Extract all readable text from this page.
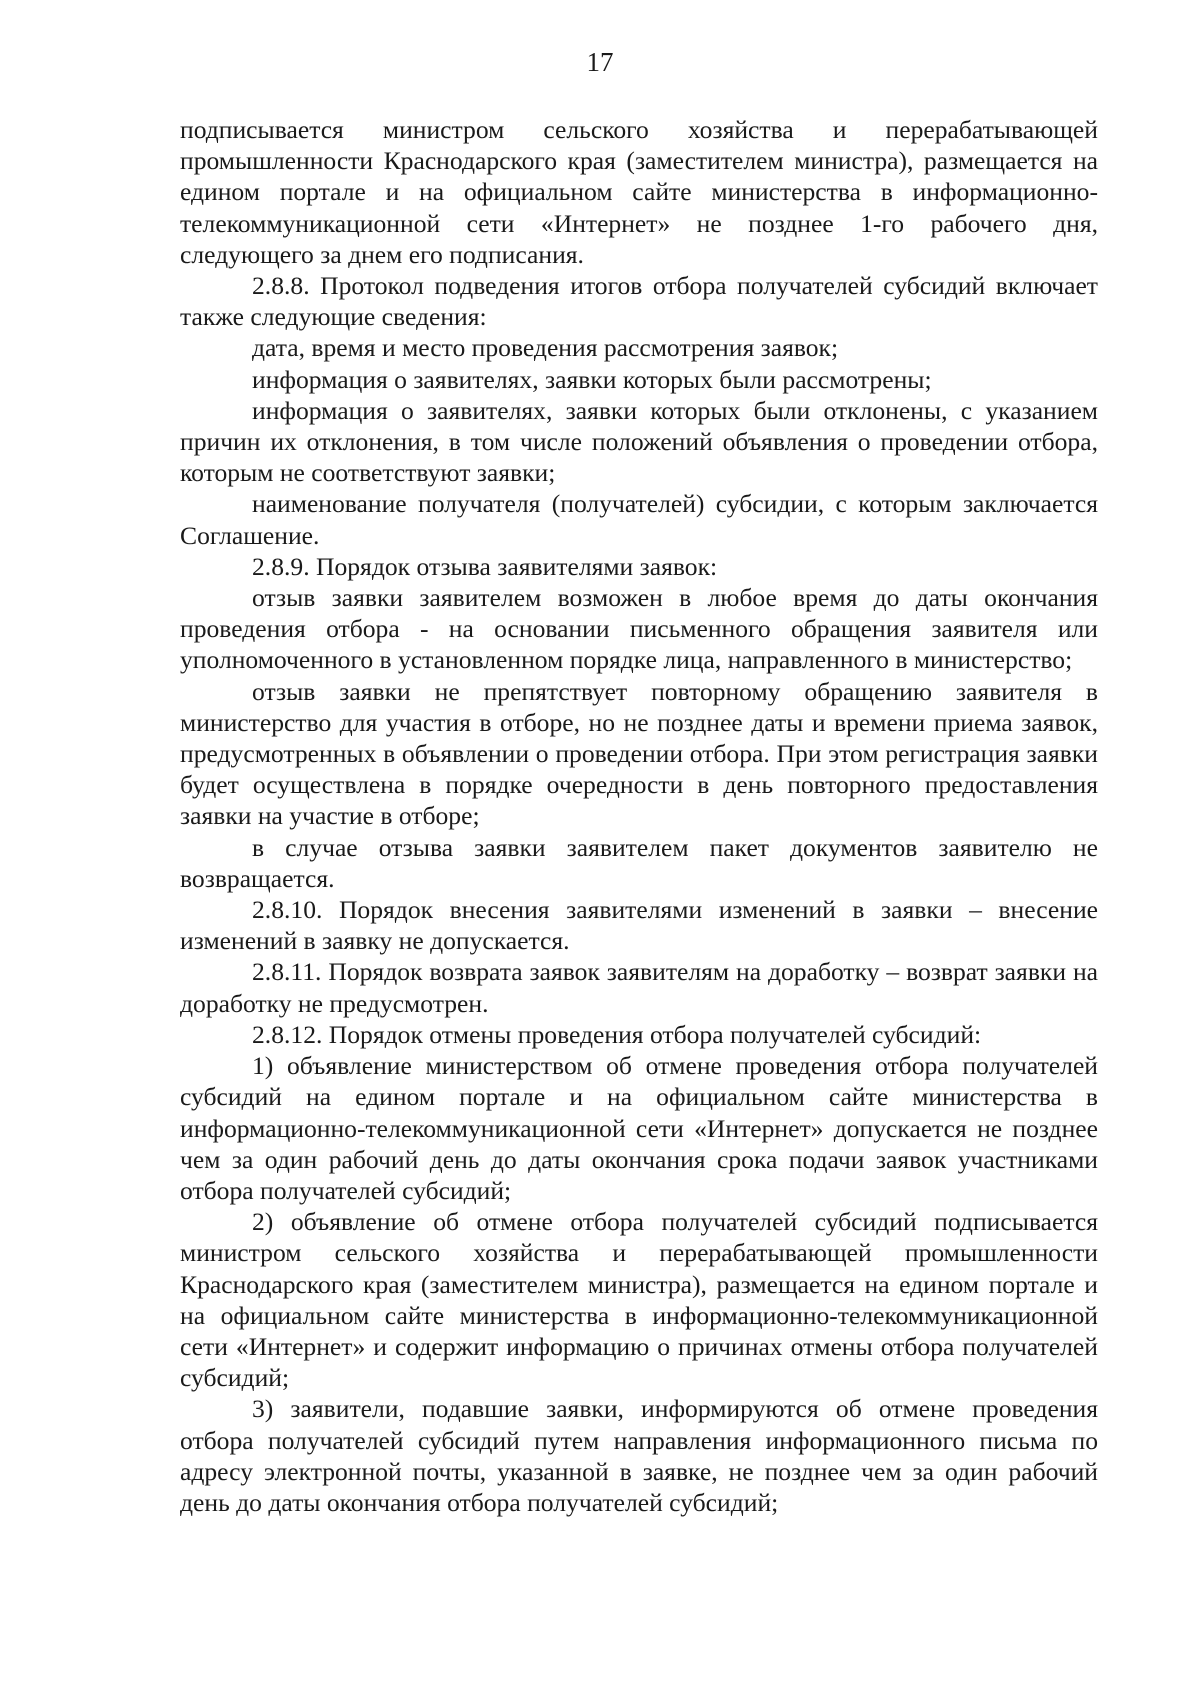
17

подписывается министром сельского хозяйства и перерабатывающей промышленности Краснодарского края (заместителем министра), размещается на едином портале и на официальном сайте министерства в информационно-телекоммуникационной сети «Интернет» не позднее 1-го рабочего дня, следующего за днем его подписания.

2.8.8. Протокол подведения итогов отбора получателей субсидий включает также следующие сведения:

дата, время и место проведения рассмотрения заявок;

информация о заявителях, заявки которых были рассмотрены;

информация о заявителях, заявки которых были отклонены, с указанием причин их отклонения, в том числе положений объявления о проведении отбора, которым не соответствуют заявки;

наименование получателя (получателей) субсидии, с которым заключается Соглашение.

2.8.9. Порядок отзыва заявителями заявок:

отзыв заявки заявителем возможен в любое время до даты окончания проведения отбора - на основании письменного обращения заявителя или уполномоченного в установленном порядке лица, направленного в министерство;

отзыв заявки не препятствует повторному обращению заявителя в министерство для участия в отборе, но не позднее даты и времени приема заявок, предусмотренных в объявлении о проведении отбора. При этом регистрация заявки будет осуществлена в порядке очередности в день повторного предоставления заявки на участие в отборе;

в случае отзыва заявки заявителем пакет документов заявителю не возвращается.

2.8.10. Порядок внесения заявителями изменений в заявки – внесение изменений в заявку не допускается.

2.8.11. Порядок возврата заявок заявителям на доработку – возврат заявки на доработку не предусмотрен.

2.8.12. Порядок отмены проведения отбора получателей субсидий:

1) объявление министерством об отмене проведения отбора получателей субсидий на едином портале и на официальном сайте министерства в информационно-телекоммуникационной сети «Интернет» допускается не позднее чем за один рабочий день до даты окончания срока подачи заявок участниками отбора получателей субсидий;

2) объявление об отмене отбора получателей субсидий подписывается министром сельского хозяйства и перерабатывающей промышленности Краснодарского края (заместителем министра), размещается на едином портале и на официальном сайте министерства в информационно-телекоммуникационной сети «Интернет» и содержит информацию о причинах отмены отбора получателей субсидий;

3) заявители, подавшие заявки, информируются об отмене проведения отбора получателей субсидий путем направления информационного письма по адресу электронной почты, указанной в заявке, не позднее чем за один рабочий день до даты окончания отбора получателей субсидий;
